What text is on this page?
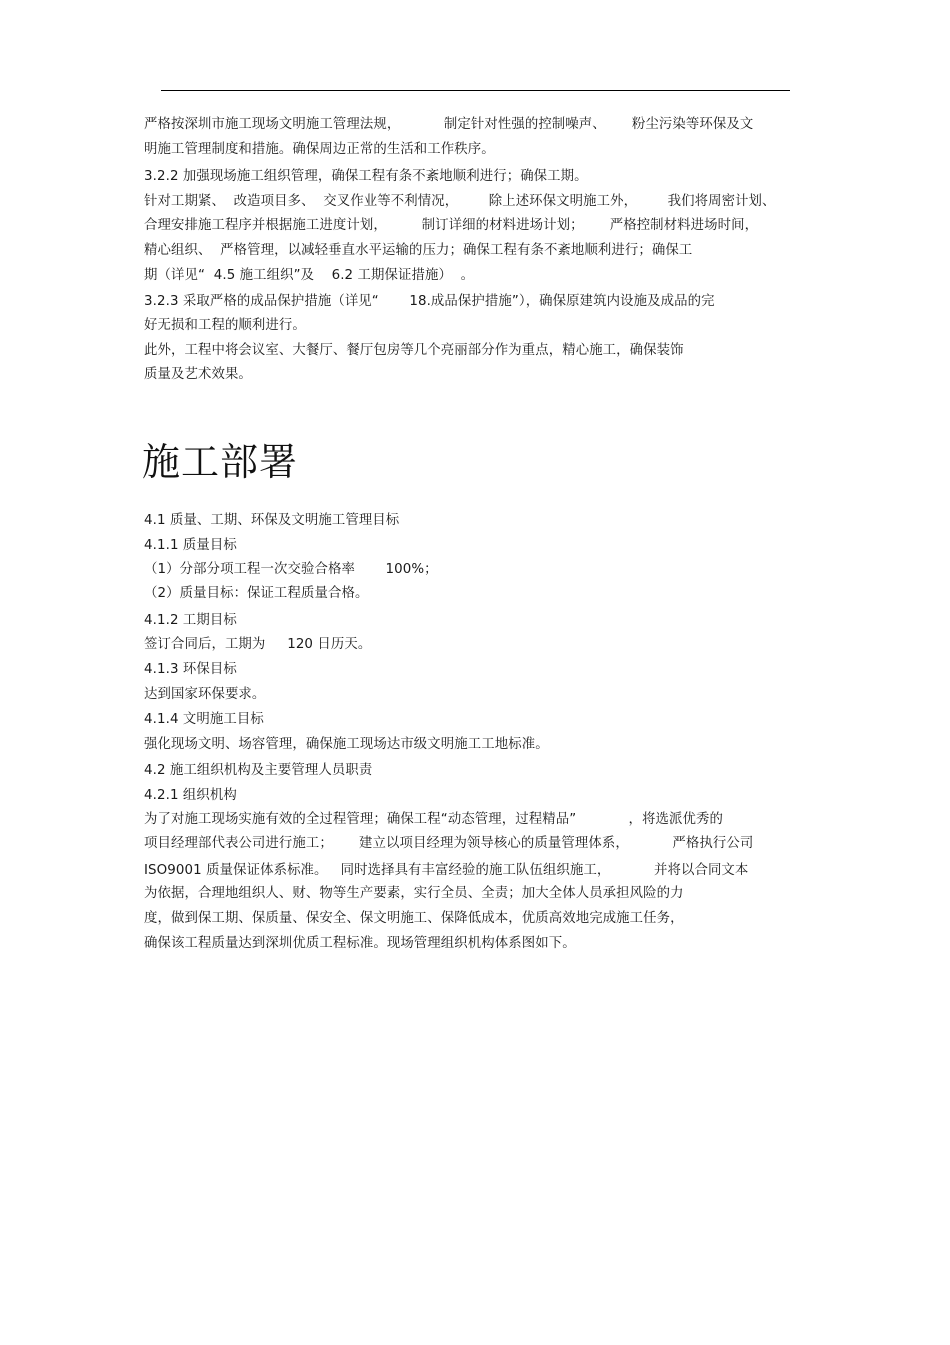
严格按深圳市施工现场文明施工管理法规，          制定针对性强的控制噪声、      粉尘污染等环保及文
明施工管理制度和措施。确保周边正常的生活和工作秩序。
3.2.2 加强现场施工组织管理，确保工程有条不紊地顺利进行；确保工期。
针对工期紧、  改造项目多、  交叉作业等不利情况，       除上述环保文明施工外，       我们将周密计划、
合理安排施工程序并根据施工进度计划，        制订详细的材料进场计划；      严格控制材料进场时间，
精心组织、  严格管理，以减轻垂直水平运输的压力；确保工程有条不紊地顺利进行；确保工
期（详见“  4.5 施工组织”及    6.2 工期保证措施）  。
3.2.3 采取严格的成品保护措施（详见“       18.成品保护措施”），确保原建筑内设施及成品的完
好无损和工程的顺利进行。
此外，工程中将会议室、大餐厅、餐厅包房等几个亮丽部分作为重点，精心施工，确保装饰
质量及艺术效果。
施工部署
4.1 质量、工期、环保及文明施工管理目标
4.1.1 质量目标
（1）分部分项工程一次交验合格率       100%；
（2）质量目标：保证工程质量合格。
4.1.2 工期目标
签订合同后，工期为     120 日历天。
4.1.3 环保目标
达到国家环保要求。
4.1.4 文明施工目标
强化现场文明、场容管理，确保施工现场达市级文明施工工地标准。
4.2 施工组织机构及主要管理人员职责
4.2.1 组织机构
为了对施工现场实施有效的全过程管理；确保工程“动态管理，过程精品”            ，将选派优秀的
项目经理部代表公司进行施工；      建立以项目经理为领导核心的质量管理体系，          严格执行公司
ISO9001 质量保证体系标准。   同时选择具有丰富经验的施工队伍组织施工，          并将以合同文本
为依据，合理地组织人、财、物等生产要素，实行全员、全责；加大全体人员承担风险的力
度，做到保工期、保质量、保安全、保文明施工、保降低成本，优质高效地完成施工任务，
确保该工程质量达到深圳优质工程标准。现场管理组织机构体系图如下。
